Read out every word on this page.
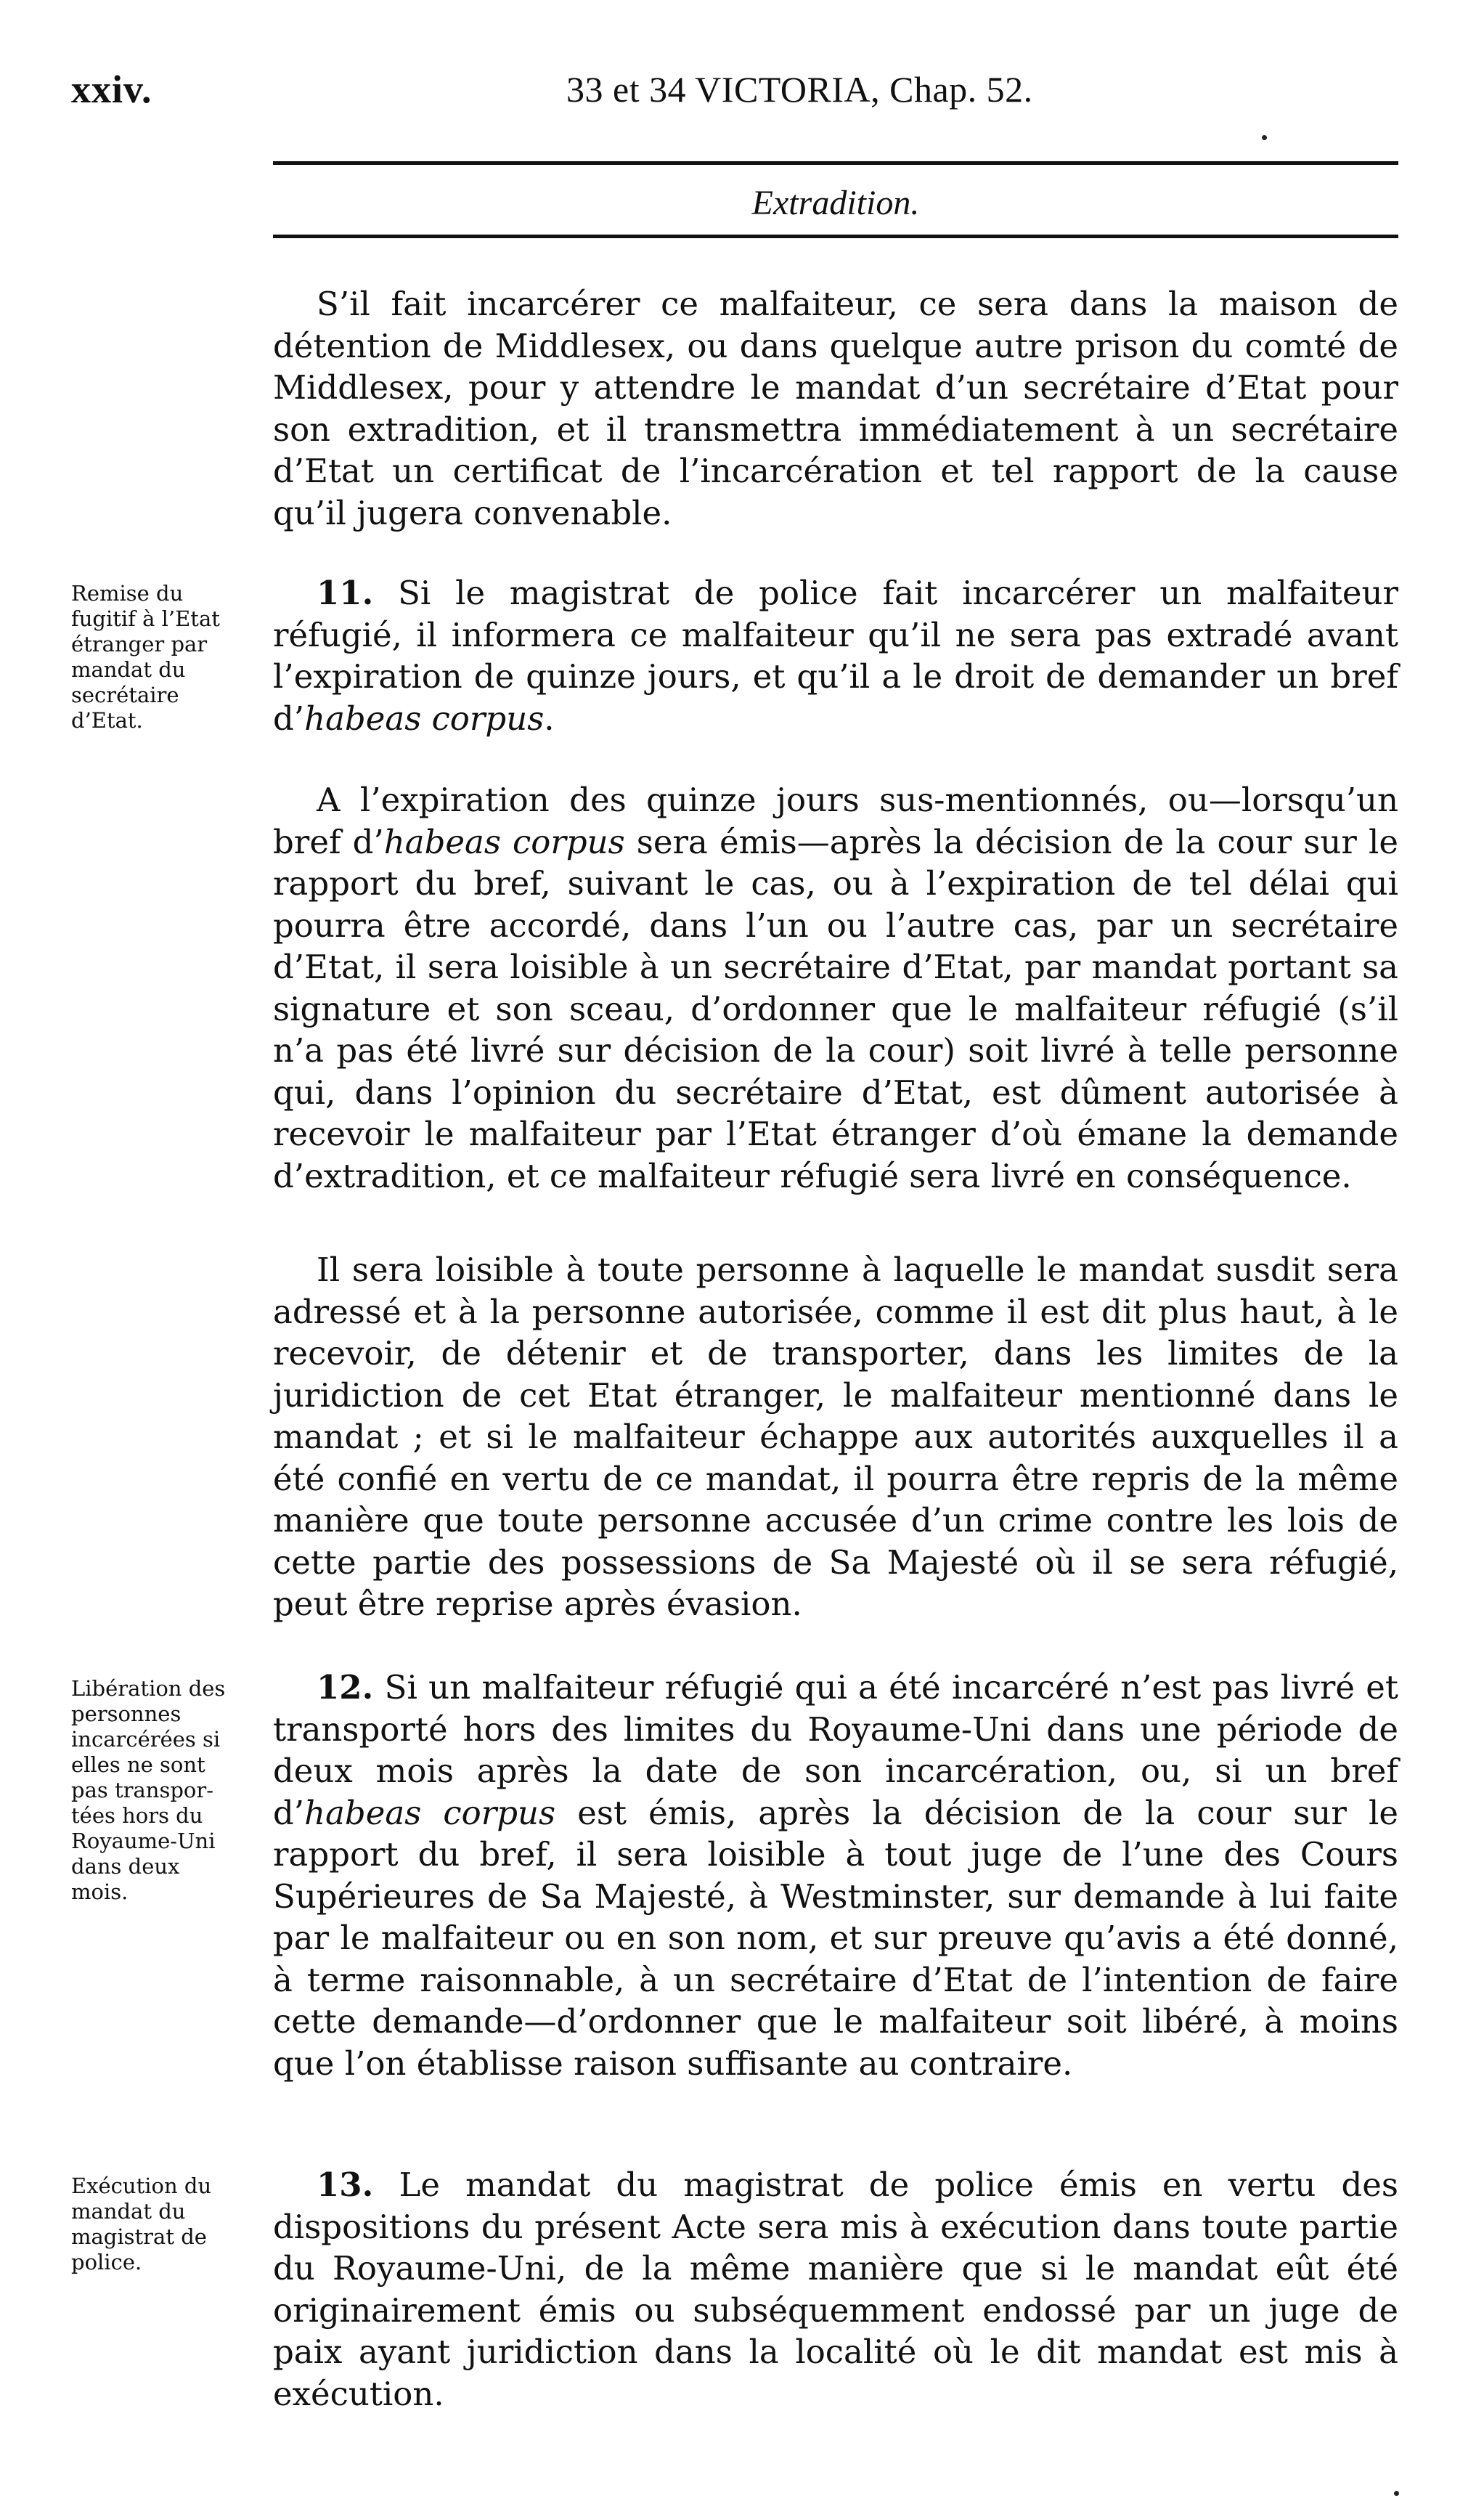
xxiv.	33 et 34 VICTORIA, Chap. 52.
Extradition.
S’il fait incarcérer ce malfaiteur, ce sera dans la maison de détention de Middlesex, ou dans quelque autre prison du comté de Middlesex, pour y attendre le mandat d’un secrétaire d’Etat pour son extradition, et il transmettra immédiatement à un secrétaire d’Etat un certificat de l’incarcération et tel rapport de la cause qu’il jugera convenable.
Remise du
fugitif à l’Etat
étranger par
mandat du
secrétaire
d’Etat.
11. Si le magistrat de police fait incarcérer un malfaiteur réfugié, il informera ce malfaiteur qu’il ne sera pas extradé avant l’expiration de quinze jours, et qu’il a le droit de demander un bref d’habeas corpus.
A l’expiration des quinze jours sus-mentionnés, ou—lorsqu’un bref d’habeas corpus sera émis—après la décision de la cour sur le rapport du bref, suivant le cas, ou à l’expiration de tel délai qui pourra être accordé, dans l’un ou l’autre cas, par un secrétaire d’Etat, il sera loisible à un secrétaire d’Etat, par mandat portant sa signature et son sceau, d’ordonner que le malfaiteur réfugié (s’il n’a pas été livré sur décision de la cour) soit livré à telle personne qui, dans l’opinion du secrétaire d’Etat, est dûment autorisée à recevoir le malfaiteur par l’Etat étranger d’où émane la demande d’extradition, et ce malfaiteur réfugié sera livré en conséquence.
Il sera loisible à toute personne à laquelle le mandat susdit sera adressé et à la personne autorisée, comme il est dit plus haut, à le recevoir, de détenir et de transporter, dans les limites de la juridiction de cet Etat étranger, le malfaiteur mentionné dans le mandat ; et si le malfaiteur échappe aux autorités auxquelles il a été confié en vertu de ce mandat, il pourra être repris de la même manière que toute personne accusée d’un crime contre les lois de cette partie des possessions de Sa Majesté où il se sera réfugié, peut être reprise après évasion.
Libération des
personnes
incarcérées si
elles ne sont
pas transpor-
tées hors du
Royaume-Uni
dans deux
mois.
12. Si un malfaiteur réfugié qui a été incarcéré n’est pas livré et transporté hors des limites du Royaume-Uni dans une période de deux mois après la date de son incarcération, ou, si un bref d’habeas corpus est émis, après la décision de la cour sur le rapport du bref, il sera loisible à tout juge de l’une des Cours Supérieures de Sa Majesté, à Westminster, sur demande à lui faite par le malfaiteur ou en son nom, et sur preuve qu’avis a été donné, à terme raisonnable, à un secrétaire d’Etat de l’intention de faire cette demande—d’ordonner que le malfaiteur soit libéré, à moins que l’on établisse raison suffisante au contraire.
Exécution du
mandat du
magistrat de
police.
13. Le mandat du magistrat de police émis en vertu des dispositions du présent Acte sera mis à exécution dans toute partie du Royaume-Uni, de la même manière que si le mandat eût été originairement émis ou subséquemment endossé par un juge de paix ayant juridiction dans la localité où le dit mandat est mis à exécution.
